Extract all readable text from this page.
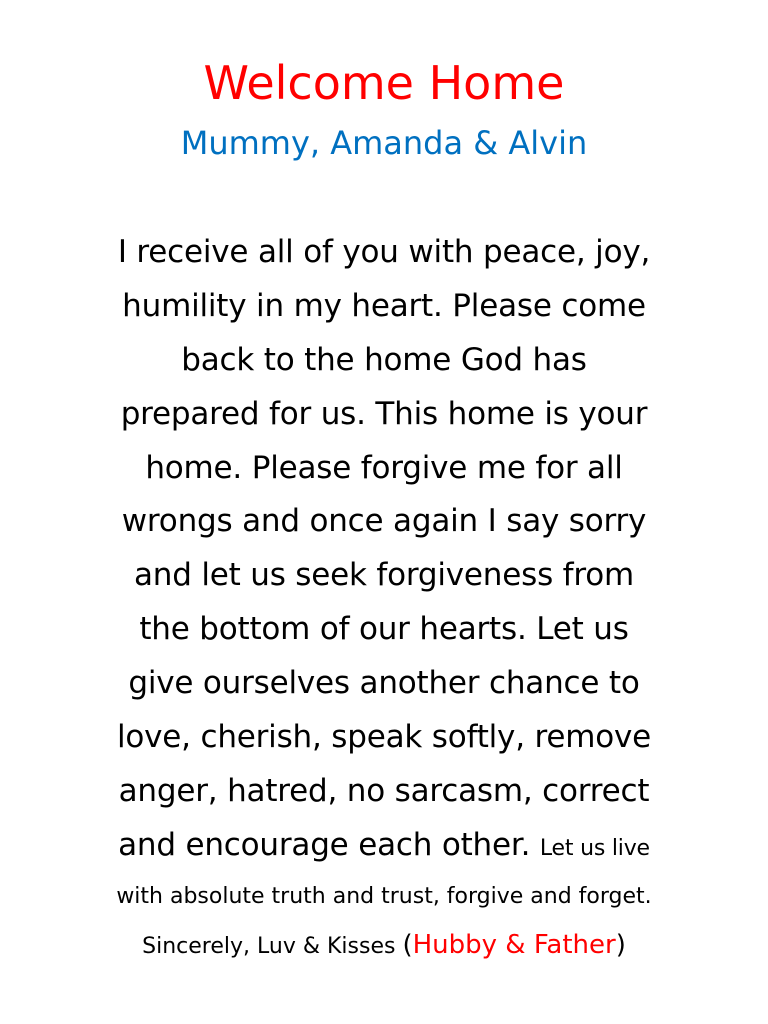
Welcome Home
Mummy, Amanda & Alvin
I receive all of you with peace, joy,
humility in my heart. Please come
back to the home God has
prepared for us. This home is your
home. Please forgive me for all
wrongs and once again I say sorry
and let us seek forgiveness from
the bottom of our hearts. Let us
give ourselves another chance to
love, cherish, speak softly, remove
anger, hatred, no sarcasm, correct
and encourage each other. Let us live
with absolute truth and trust, forgive and forget.
Sincerely, Luv & Kisses (Hubby & Father)
